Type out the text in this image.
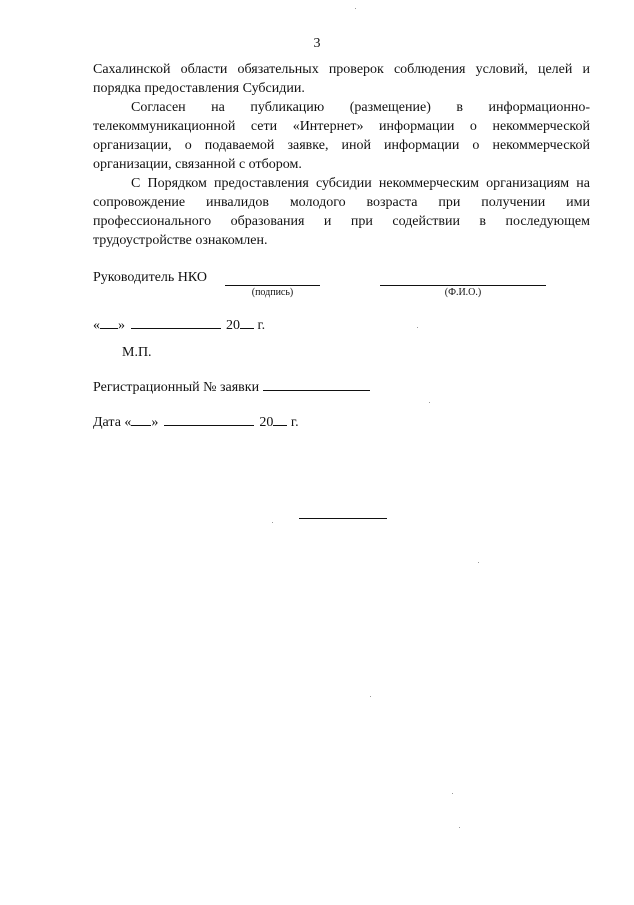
3

Сахалинской области обязательных проверок соблюдения условий, целей и
порядка предоставления Субсидии.

Согласен на публикацию (размещение) в информационно-
телекоммуникационной сети «Интернет» информации о некоммерческой
организации, о подаваемой заявке, иной информации о некоммерческой
организации, связанной с отбором.

С Порядком предоставления субсидии некоммерческим организациям на
сопровождение инвалидов молодого возраста при получении ими
профессионального образования и при содействии в последующем
трудоустройстве ознакомлен.

Руководитель НКО
(подпись)	(Ф.И.О.)
« »	20 г.
М.П.
Регистрационный № заявки
Дата « »	20 г.
